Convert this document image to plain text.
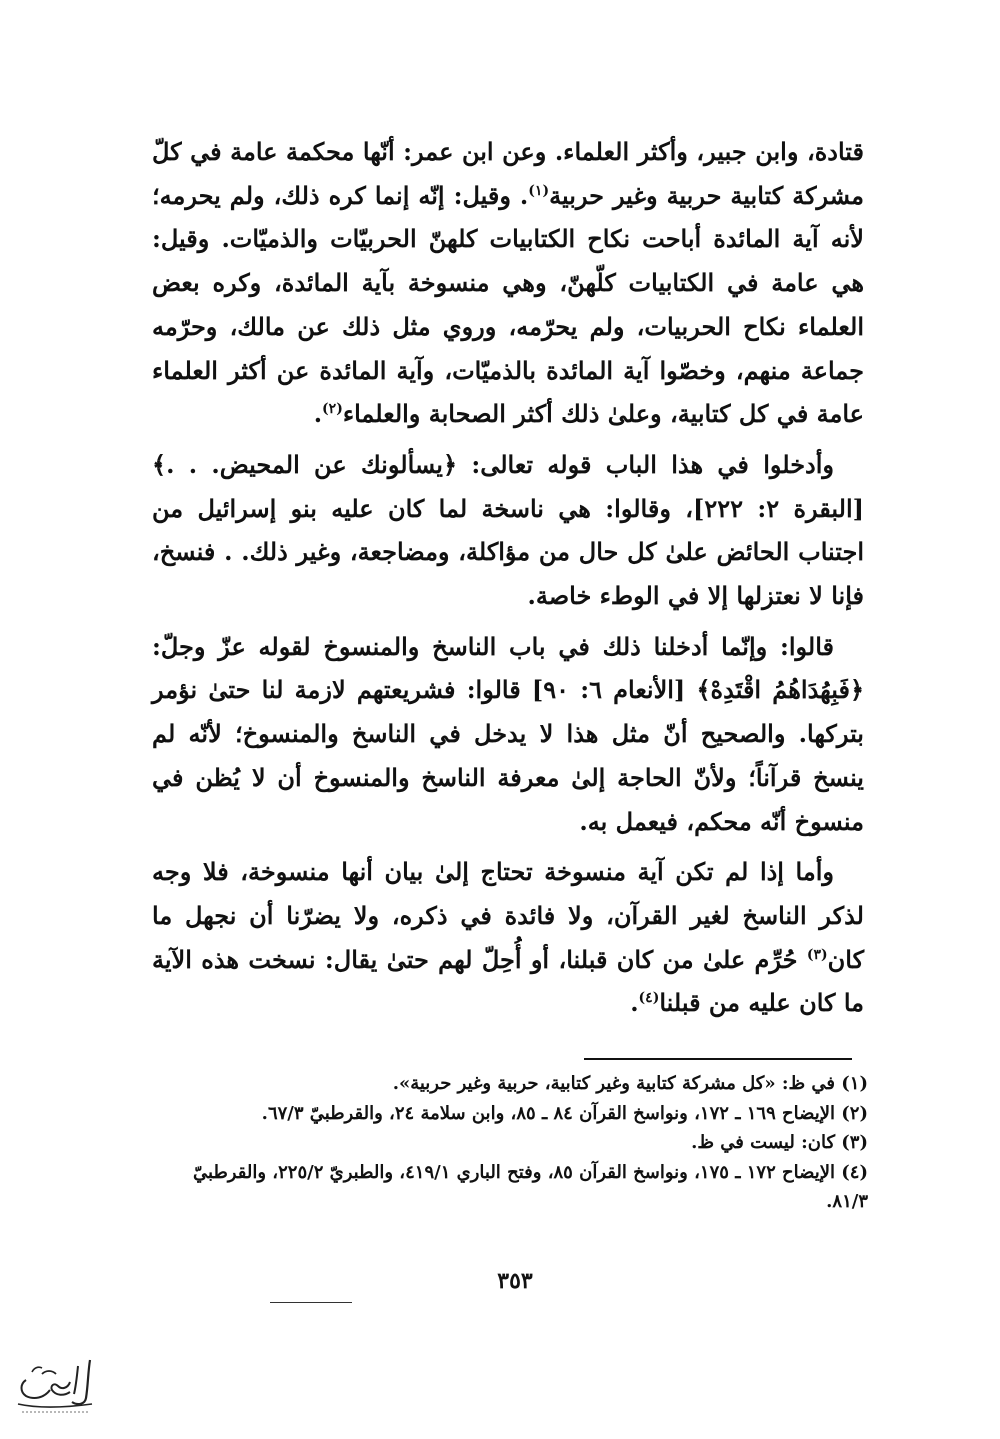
قتادة، وابن جبير، وأكثر العلماء. وعن ابن عمر: أنّها محكمة عامة في كلّ مشركة كتابية حربية وغير حربية$^{(١)}$. وقيل: إنّه إنما كره ذلك، ولم يحرمه؛ لأنه آية المائدة أباحت نكاح الكتابيات كلهنّ الحربيّات والذميّات. وقيل: هي عامة في الكتابيات كلّهنّ، وهي منسوخة بآية المائدة، وكره بعض العلماء نكاح الحربيات، ولم يحرّمه، وروي مثل ذلك عن مالك، وحرّمه جماعة منهم، وخصّوا آية المائدة بالذميّات، وآية المائدة عن أكثر العلماء عامة في كل كتابية، وعلىٰ ذلك أكثر الصحابة والعلماء$^{(٢)}$.

وأدخلوا في هذا الباب قوله تعالى: ﴿يسألونك عن المحيض. . .﴾ [البقرة ٢: ٢٢٢]، وقالوا: هي ناسخة لما كان عليه بنو إسرائيل من اجتناب الحائض علىٰ كل حال من مؤاكلة، ومضاجعة، وغير ذلك. . فنسخ، فإنا لا نعتزلها إلا في الوطء خاصة.

قالوا: وإنّما أدخلنا ذلك في باب الناسخ والمنسوخ لقوله عزّ وجلّ: ﴿فَبِهُدَاهُمُ اقْتَدِهْ﴾ [الأنعام ٦: ٩٠] قالوا: فشريعتهم لازمة لنا حتىٰ نؤمر بتركها. والصحيح أنّ مثل هذا لا يدخل في الناسخ والمنسوخ؛ لأنّه لم ينسخ قرآناً؛ ولأنّ الحاجة إلىٰ معرفة الناسخ والمنسوخ أن لا يُظن في منسوخ أنّه محكم، فيعمل به.

وأما إذا لم تكن آية منسوخة تحتاج إلىٰ بيان أنها منسوخة، فلا وجه لذكر الناسخ لغير القرآن، ولا فائدة في ذكره، ولا يضرّنا أن نجهل ما كان$^{(٣)}$ حُرِّم علىٰ من كان قبلنا، أو أُحِلّ لهم حتىٰ يقال: نسخت هذه الآية ما كان عليه من قبلنا$^{(٤)}$.

(١) في ظ: «كل مشركة كتابية وغير كتابية، حربية وغير حربية».

(٢) الإيضاح ١٦٩ ـ ١٧٢، ونواسخ القرآن ٨٤ ـ ٨٥، وابن سلامة ٢٤، والقرطبيّ ٦٧/٣.

(٣) كان: ليست في ظ.

(٤) الإيضاح ١٧٢ ـ ١٧٥، ونواسخ القرآن ٨٥، وفتح الباري ٤١٩/١، والطبريّ ٢٢٥/٢، والقرطبيّ ٨١/٣.

٣٥٣
